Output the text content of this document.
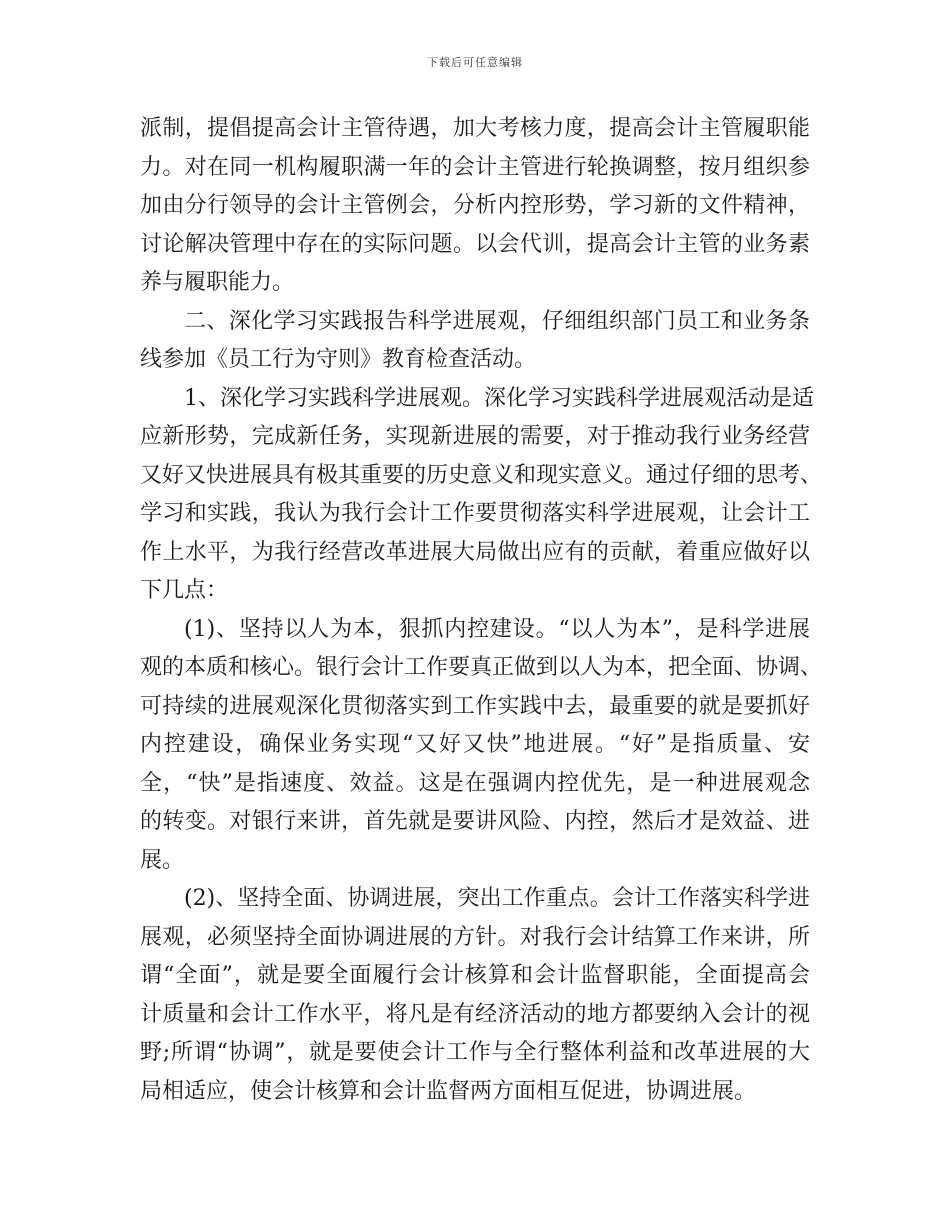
下载后可任意编辑
派制，提倡提高会计主管待遇，加大考核力度，提高会计主管履职能
力。对在同一机构履职满一年的会计主管进行轮换调整，按月组织参
加由分行领导的会计主管例会，分析内控形势，学习新的文件精神，
讨论解决管理中存在的实际问题。以会代训，提高会计主管的业务素
养与履职能力。
二、深化学习实践报告科学进展观，仔细组织部门员工和业务条
线参加《员工行为守则》教育检查活动。
1、深化学习实践科学进展观。深化学习实践科学进展观活动是适
应新形势，完成新任务，实现新进展的需要，对于推动我行业务经营
又好又快进展具有极其重要的历史意义和现实意义。通过仔细的思考、
学习和实践，我认为我行会计工作要贯彻落实科学进展观，让会计工
作上水平，为我行经营改革进展大局做出应有的贡献，着重应做好以
下几点：
(1)、坚持以人为本，狠抓内控建设。“以人为本”，是科学进展
观的本质和核心。银行会计工作要真正做到以人为本，把全面、协调、
可持续的进展观深化贯彻落实到工作实践中去，最重要的就是要抓好
内控建设，确保业务实现“又好又快”地进展。“好”是指质量、安
全，“快”是指速度、效益。这是在强调内控优先，是一种进展观念
的转变。对银行来讲，首先就是要讲风险、内控，然后才是效益、进
展。
(2)、坚持全面、协调进展，突出工作重点。会计工作落实科学进
展观，必须坚持全面协调进展的方针。对我行会计结算工作来讲，所
谓“全面”，就是要全面履行会计核算和会计监督职能，全面提高会
计质量和会计工作水平，将凡是有经济活动的地方都要纳入会计的视
野;所谓“协调”，就是要使会计工作与全行整体利益和改革进展的大
局相适应，使会计核算和会计监督两方面相互促进，协调进展。
